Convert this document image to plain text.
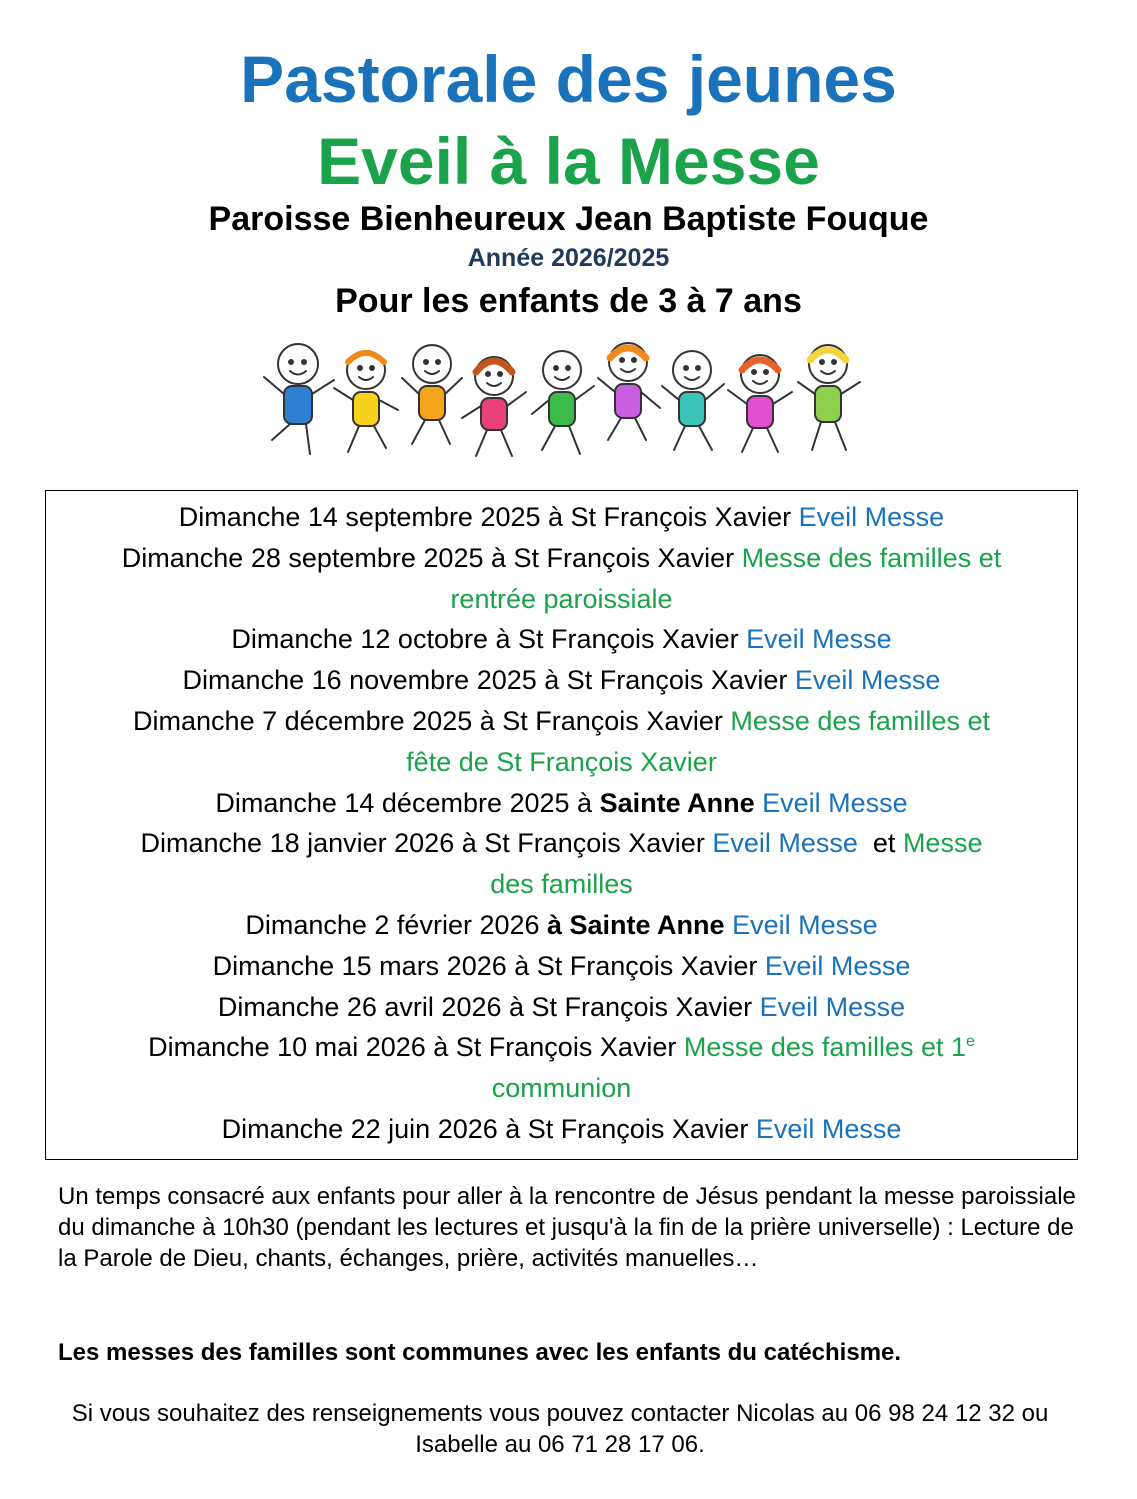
Pastorale des jeunes
Eveil à la Messe
Paroisse Bienheureux Jean Baptiste Fouque
Année 2026/2025
Pour les enfants de 3 à 7 ans
Dimanche 14 septembre 2025 à St François Xavier Eveil Messe
Dimanche 28 septembre 2025 à St François Xavier Messe des familles et
rentrée paroissiale
Dimanche 12 octobre à St François Xavier Eveil Messe
Dimanche 16 novembre 2025 à St François Xavier Eveil Messe
Dimanche 7 décembre 2025 à St François Xavier Messe des familles et
fête de St François Xavier
Dimanche 14 décembre 2025 à Sainte Anne Eveil Messe
Dimanche 18 janvier 2026 à St François Xavier Eveil Messe et Messe
des familles
Dimanche 2 février 2026 à Sainte Anne Eveil Messe
Dimanche 15 mars 2026 à St François Xavier Eveil Messe
Dimanche 26 avril 2026 à St François Xavier Eveil Messe
Dimanche 10 mai 2026 à St François Xavier Messe des familles et 1e
communion
Dimanche 22 juin 2026 à St François Xavier Eveil Messe
Un temps consacré aux enfants pour aller à la rencontre de Jésus pendant la messe paroissiale du dimanche à 10h30 (pendant les lectures et jusqu'à la fin de la prière universelle) : Lecture de la Parole de Dieu, chants, échanges, prière, activités manuelles…
Les messes des familles sont communes avec les enfants du catéchisme.
Si vous souhaitez des renseignements vous pouvez contacter Nicolas au 06 98 24 12 32 ou Isabelle au 06 71 28 17 06.
